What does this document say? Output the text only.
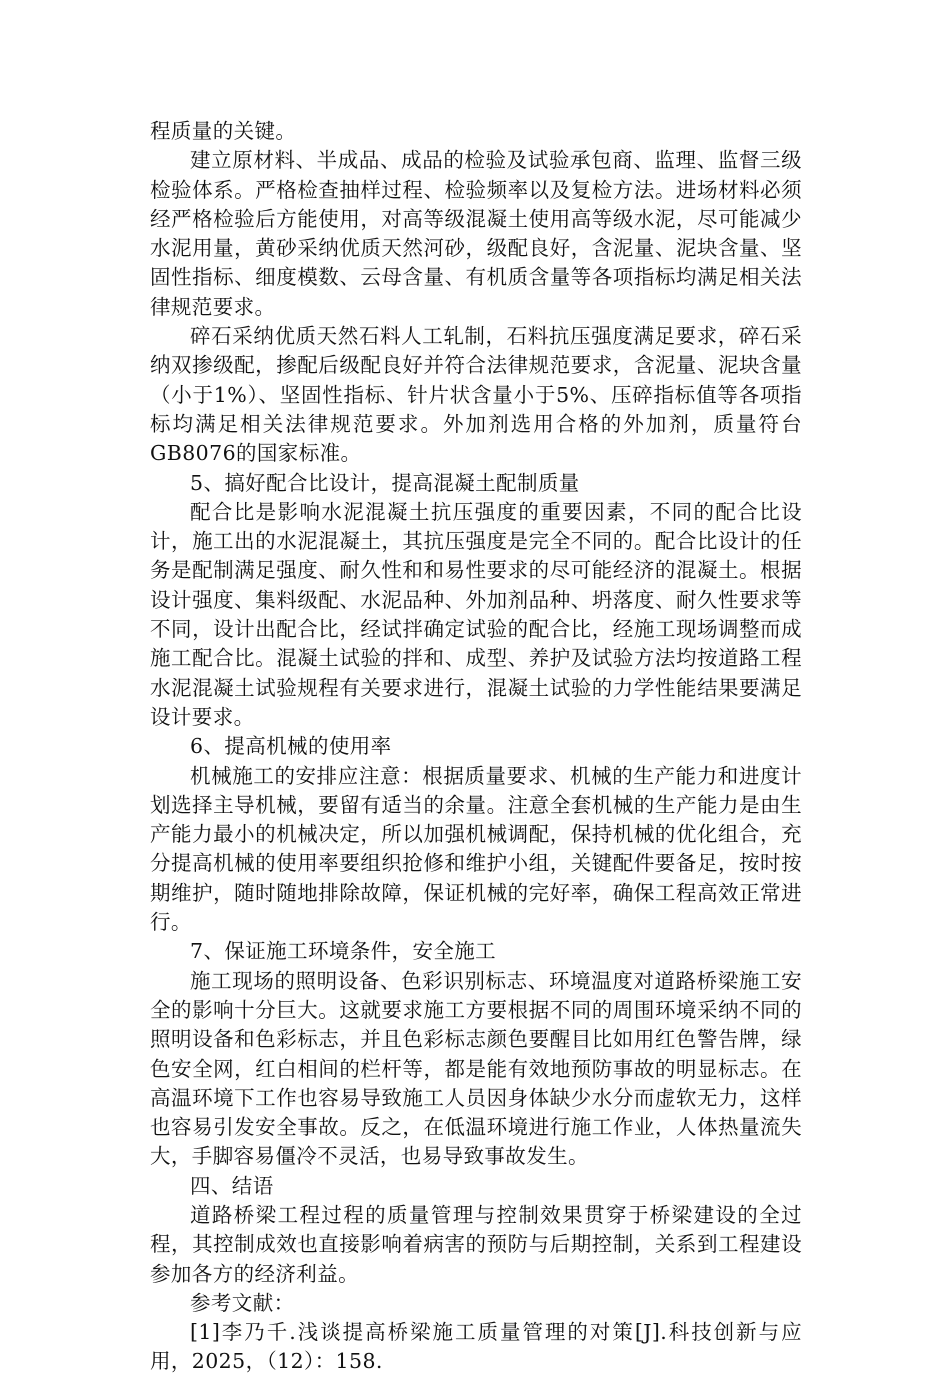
程质量的关键。

建立原材料、半成品、成品的检验及试验承包商、监理、监督三级检验体系。严格检查抽样过程、检验频率以及复检方法。进场材料必须经严格检验后方能使用，对高等级混凝土使用高等级水泥，尽可能减少水泥用量，黄砂采纳优质天然河砂，级配良好，含泥量、泥块含量、坚固性指标、细度模数、云母含量、有机质含量等各项指标均满足相关法律规范要求。

碎石采纳优质天然石料人工轧制，石料抗压强度满足要求，碎石采纳双掺级配，掺配后级配良好并符合法律规范要求，含泥量、泥块含量（小于1%）、坚固性指标、针片状含量小于5%、压碎指标值等各项指标均满足相关法律规范要求。外加剂选用合格的外加剂，质量符台GB8076的国家标准。

5、搞好配合比设计，提高混凝土配制质量

配合比是影响水泥混凝土抗压强度的重要因素，不同的配合比设计，施工出的水泥混凝土，其抗压强度是完全不同的。配合比设计的任务是配制满足强度、耐久性和和易性要求的尽可能经济的混凝土。根据设计强度、集料级配、水泥品种、外加剂品种、坍落度、耐久性要求等不同，设计出配合比，经试拌确定试验的配合比，经施工现场调整而成施工配合比。混凝土试验的拌和、成型、养护及试验方法均按道路工程水泥混凝土试验规程有关要求进行，混凝土试验的力学性能结果要满足设计要求。

6、提高机械的使用率

机械施工的安排应注意：根据质量要求、机械的生产能力和进度计划选择主导机械，要留有适当的余量。注意全套机械的生产能力是由生产能力最小的机械决定，所以加强机械调配，保持机械的优化组合，充分提高机械的使用率要组织抢修和维护小组，关键配件要备足，按时按期维护，随时随地排除故障，保证机械的完好率，确保工程高效正常进行。

7、保证施工环境条件，安全施工

施工现场的照明设备、色彩识别标志、环境温度对道路桥梁施工安全的影响十分巨大。这就要求施工方要根据不同的周围环境采纳不同的照明设备和色彩标志，并且色彩标志颜色要醒目比如用红色警告牌，绿色安全网，红白相间的栏杆等，都是能有效地预防事故的明显标志。在高温环境下工作也容易导致施工人员因身体缺少水分而虚软无力，这样也容易引发安全事故。反之，在低温环境进行施工作业，人体热量流失大，手脚容易僵冷不灵活，也易导致事故发生。

四、结语

道路桥梁工程过程的质量管理与控制效果贯穿于桥梁建设的全过程，其控制成效也直接影响着病害的预防与后期控制，关系到工程建设参加各方的经济利益。

参考文献：

[1]李乃千.浅谈提高桥梁施工质量管理的对策[J].科技创新与应用，2025，（12）：158.
